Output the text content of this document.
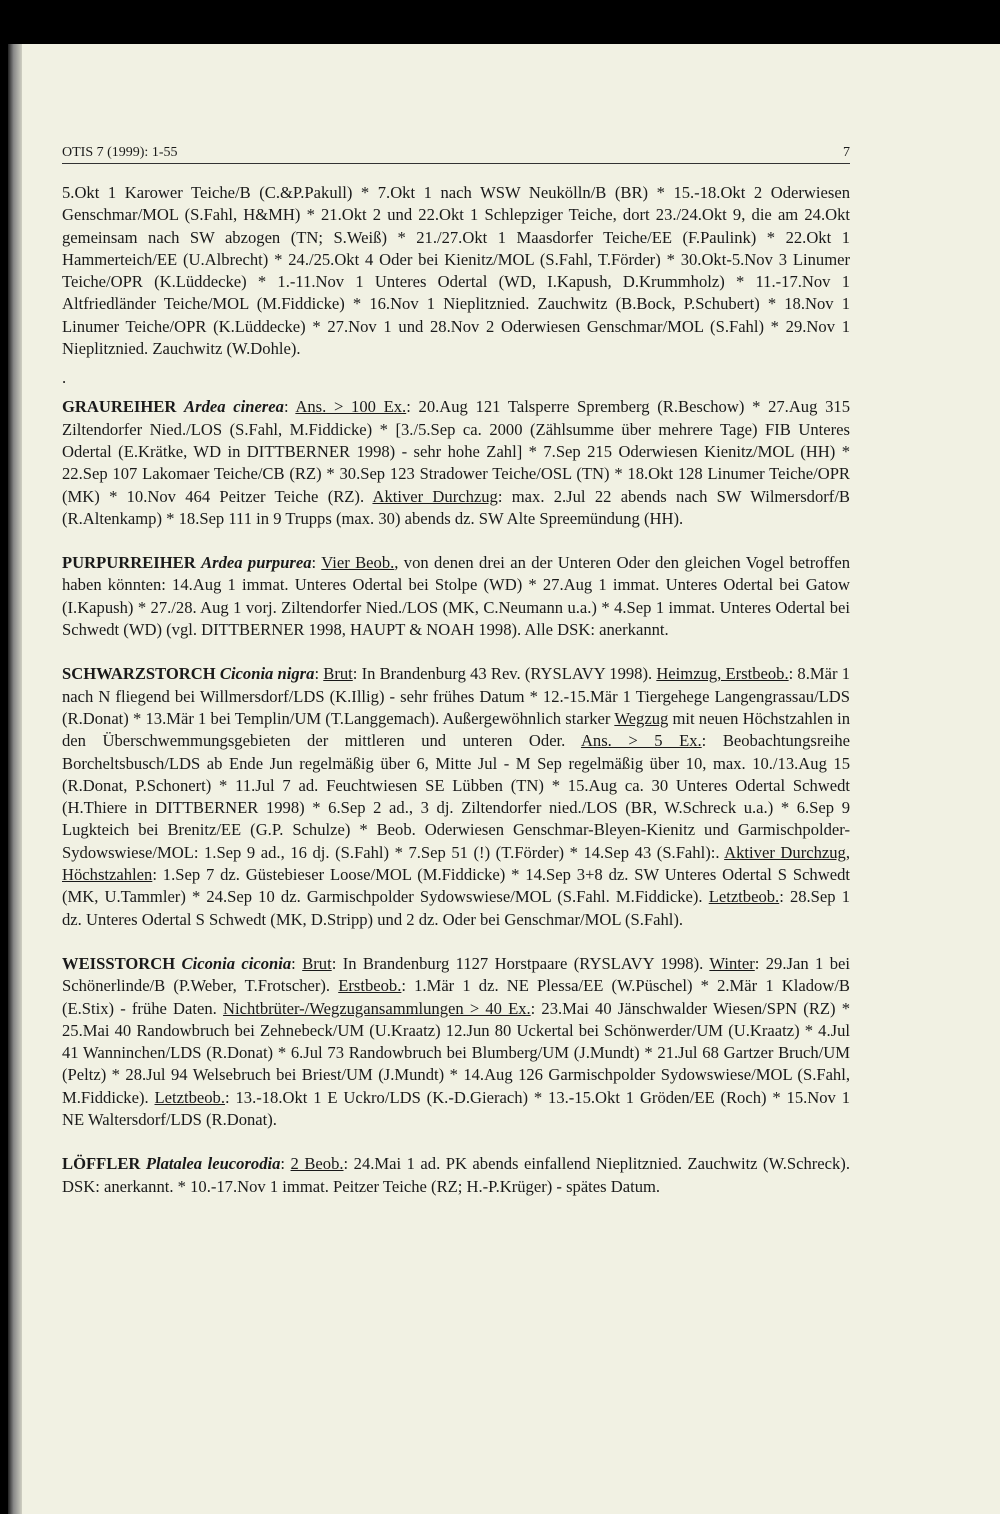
OTIS 7 (1999): 1-55	7

5.Okt 1 Karower Teiche/B (C.&P.Pakull) * 7.Okt 1 nach WSW Neukölln/B (BR) * 15.-18.Okt 2 Oderwiesen Genschmar/MOL (S.Fahl, H&MH) * 21.Okt 2 und 22.Okt 1 Schlepziger Teiche, dort 23./24.Okt 9, die am 24.Okt gemeinsam nach SW abzogen (TN; S.Weiß) * 21./27.Okt 1 Maasdorfer Teiche/EE (F.Paulink) * 22.Okt 1 Hammerteich/EE (U.Albrecht) * 24./25.Okt 4 Oder bei Kienitz/MOL (S.Fahl, T.Förder) * 30.Okt-5.Nov 3 Linumer Teiche/OPR (K.Lüddecke) * 1.-11.Nov 1 Unteres Odertal (WD, I.Kapush, D.Krummholz) * 11.-17.Nov 1 Altfriedländer Teiche/MOL (M.Fiddicke) * 16.Nov 1 Nieplitznied. Zauchwitz (B.Bock, P.Schubert) * 18.Nov 1 Linumer Teiche/OPR (K.Lüddecke) * 27.Nov 1 und 28.Nov 2 Oderwiesen Genschmar/MOL (S.Fahl) * 29.Nov 1 Nieplitznied. Zauchwitz (W.Dohle).

.

GRAUREIHER Ardea cinerea: Ans. > 100 Ex.: 20.Aug 121 Talsperre Spremberg (R.Beschow) * 27.Aug 315 Ziltendorfer Nied./LOS (S.Fahl, M.Fiddicke) * [3./5.Sep ca. 2000 (Zählsumme über mehrere Tage) FIB Unteres Odertal (E.Krätke, WD in DITTBERNER 1998) - sehr hohe Zahl] * 7.Sep 215 Oderwiesen Kienitz/MOL (HH) * 22.Sep 107 Lakomaer Teiche/CB (RZ) * 30.Sep 123 Stradower Teiche/OSL (TN) * 18.Okt 128 Linumer Teiche/OPR (MK) * 10.Nov 464 Peitzer Teiche (RZ). Aktiver Durchzug: max. 2.Jul 22 abends nach SW Wilmersdorf/B (R.Altenkamp) * 18.Sep 111 in 9 Trupps (max. 30) abends dz. SW Alte Spreemündung (HH).

PURPURREIHER Ardea purpurea: Vier Beob., von denen drei an der Unteren Oder den gleichen Vogel betroffen haben könnten: 14.Aug 1 immat. Unteres Odertal bei Stolpe (WD) * 27.Aug 1 immat. Unteres Odertal bei Gatow (I.Kapush) * 27./28. Aug 1 vorj. Ziltendorfer Nied./LOS (MK, C.Neumann u.a.) * 4.Sep 1 immat. Unteres Odertal bei Schwedt (WD) (vgl. DITTBERNER 1998, HAUPT & NOAH 1998). Alle DSK: anerkannt.

SCHWARZSTORCH Ciconia nigra: Brut: In Brandenburg 43 Rev. (RYSLAVY 1998). Heimzug, Erstbeob.: 8.Mär 1 nach N fliegend bei Willmersdorf/LDS (K.Illig) - sehr frühes Datum * 12.-15.Mär 1 Tiergehege Langengrassau/LDS (R.Donat) * 13.Mär 1 bei Templin/UM (T.Langgemach). Außergewöhnlich starker Wegzug mit neuen Höchstzahlen in den Überschwemmungsgebieten der mittleren und unteren Oder. Ans. > 5 Ex.: Beobachtungsreihe Borcheltsbusch/LDS ab Ende Jun regelmäßig über 6, Mitte Jul - M Sep regelmäßig über 10, max. 10./13.Aug 15 (R.Donat, P.Schonert) * 11.Jul 7 ad. Feuchtwiesen SE Lübben (TN) * 15.Aug ca. 30 Unteres Odertal Schwedt (H.Thiere in DITTBERNER 1998) * 6.Sep 2 ad., 3 dj. Ziltendorfer nied./LOS (BR, W.Schreck u.a.) * 6.Sep 9 Lugkteich bei Brenitz/EE (G.P. Schulze) * Beob. Oderwiesen Genschmar-Bleyen-Kienitz und Garmischpolder-Sydowswiese/MOL: 1.Sep 9 ad., 16 dj. (S.Fahl) * 7.Sep 51 (!) (T.Förder) * 14.Sep 43 (S.Fahl):. Aktiver Durchzug, Höchstzahlen: 1.Sep 7 dz. Güstebieser Loose/MOL (M.Fiddicke) * 14.Sep 3+8 dz. SW Unteres Odertal S Schwedt (MK, U.Tammler) * 24.Sep 10 dz. Garmischpolder Sydowswiese/MOL (S.Fahl. M.Fiddicke). Letztbeob.: 28.Sep 1 dz. Unteres Odertal S Schwedt (MK, D.Stripp) und 2 dz. Oder bei Genschmar/MOL (S.Fahl).

WEISSTORCH Ciconia ciconia: Brut: In Brandenburg 1127 Horstpaare (RYSLAVY 1998). Winter: 29.Jan 1 bei Schönerlinde/B (P.Weber, T.Frotscher). Erstbeob.: 1.Mär 1 dz. NE Plessa/EE (W.Püschel) * 2.Mär 1 Kladow/B (E.Stix) - frühe Daten. Nichtbrüter-/Wegzugansammlungen > 40 Ex.: 23.Mai 40 Jänschwalder Wiesen/SPN (RZ) * 25.Mai 40 Randowbruch bei Zehnebeck/UM (U.Kraatz) 12.Jun 80 Uckertal bei Schönwerder/UM (U.Kraatz) * 4.Jul 41 Wanninchen/LDS (R.Donat) * 6.Jul 73 Randowbruch bei Blumberg/UM (J.Mundt) * 21.Jul 68 Gartzer Bruch/UM (Peltz) * 28.Jul 94 Welsebruch bei Briest/UM (J.Mundt) * 14.Aug 126 Garmischpolder Sydowswiese/MOL (S.Fahl, M.Fiddicke). Letztbeob.: 13.-18.Okt 1 E Uckro/LDS (K.-D.Gierach) * 13.-15.Okt 1 Gröden/EE (Roch) * 15.Nov 1 NE Waltersdorf/LDS (R.Donat).

LÖFFLER Platalea leucorodia: 2 Beob.: 24.Mai 1 ad. PK abends einfallend Nieplitznied. Zauchwitz (W.Schreck). DSK: anerkannt. * 10.-17.Nov 1 immat. Peitzer Teiche (RZ; H.-P.Krüger) - spätes Datum.
